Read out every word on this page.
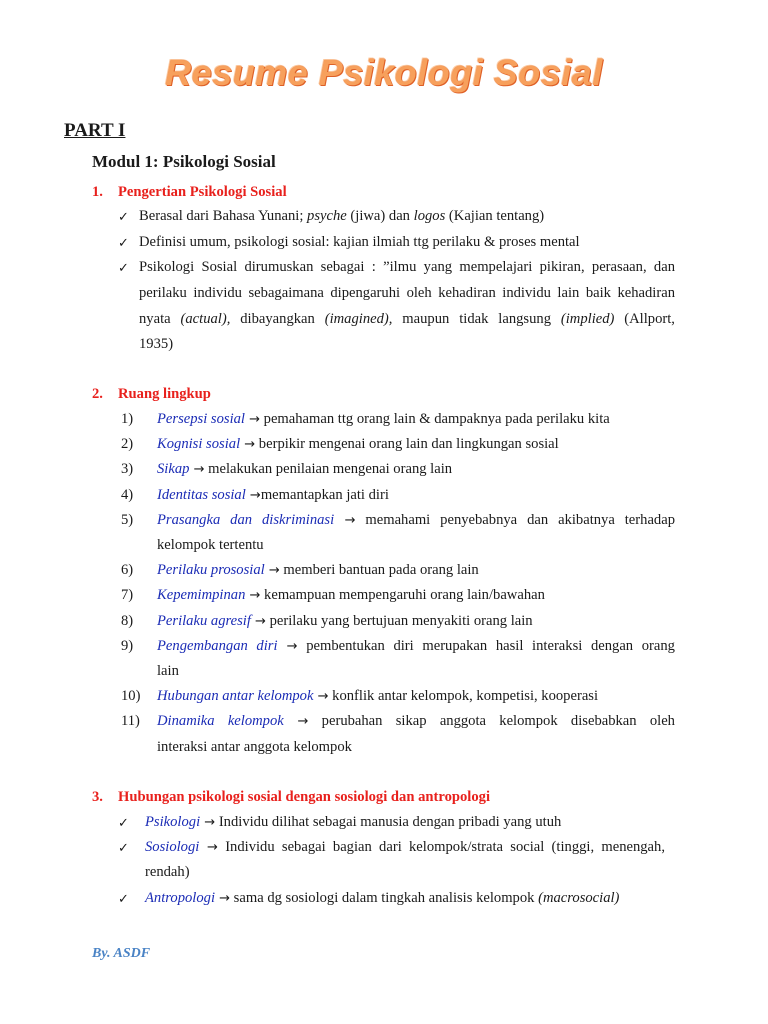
Resume Psikologi Sosial
PART I
Modul 1: Psikologi Sosial
1. Pengertian Psikologi Sosial
✓ Berasal dari Bahasa Yunani; psyche (jiwa) dan logos (Kajian tentang)
✓ Definisi umum, psikologi sosial: kajian ilmiah ttg perilaku & proses mental
✓ Psikologi Sosial dirumuskan sebagai : ”ilmu yang mempelajari pikiran, perasaan, dan
perilaku individu sebagaimana dipengaruhi oleh kehadiran individu lain baik kehadiran
nyata (actual), dibayangkan (imagined), maupun tidak langsung (implied) (Allport,
1935)
2. Ruang lingkup
1) Persepsi sosial → pemahaman ttg orang lain & dampaknya pada perilaku kita
2) Kognisi sosial → berpikir mengenai orang lain dan lingkungan sosial
3) Sikap → melakukan penilaian mengenai orang lain
4) Identitas sosial →memantapkan jati diri
5) Prasangka dan diskriminasi → memahami penyebabnya dan akibatnya terhadap
kelompok tertentu
6) Perilaku prososial → memberi bantuan pada orang lain
7) Kepemimpinan → kemampuan mempengaruhi orang lain/bawahan
8) Perilaku agresif → perilaku yang bertujuan menyakiti orang lain
9) Pengembangan diri → pembentukan diri merupakan hasil interaksi dengan orang
lain
10) Hubungan antar kelompok → konflik antar kelompok, kompetisi, kooperasi
11) Dinamika kelompok → perubahan sikap anggota kelompok disebabkan oleh
interaksi antar anggota kelompok
3. Hubungan psikologi sosial dengan sosiologi dan antropologi
✓	Psikologi → Individu dilihat sebagai manusia dengan pribadi yang utuh
✓	Sosiologi → Individu sebagai bagian dari kelompok/strata social (tinggi, menengah,
rendah)
✓	Antropologi → sama dg sosiologi dalam tingkah analisis kelompok (macrosocial)
By. ASDF
